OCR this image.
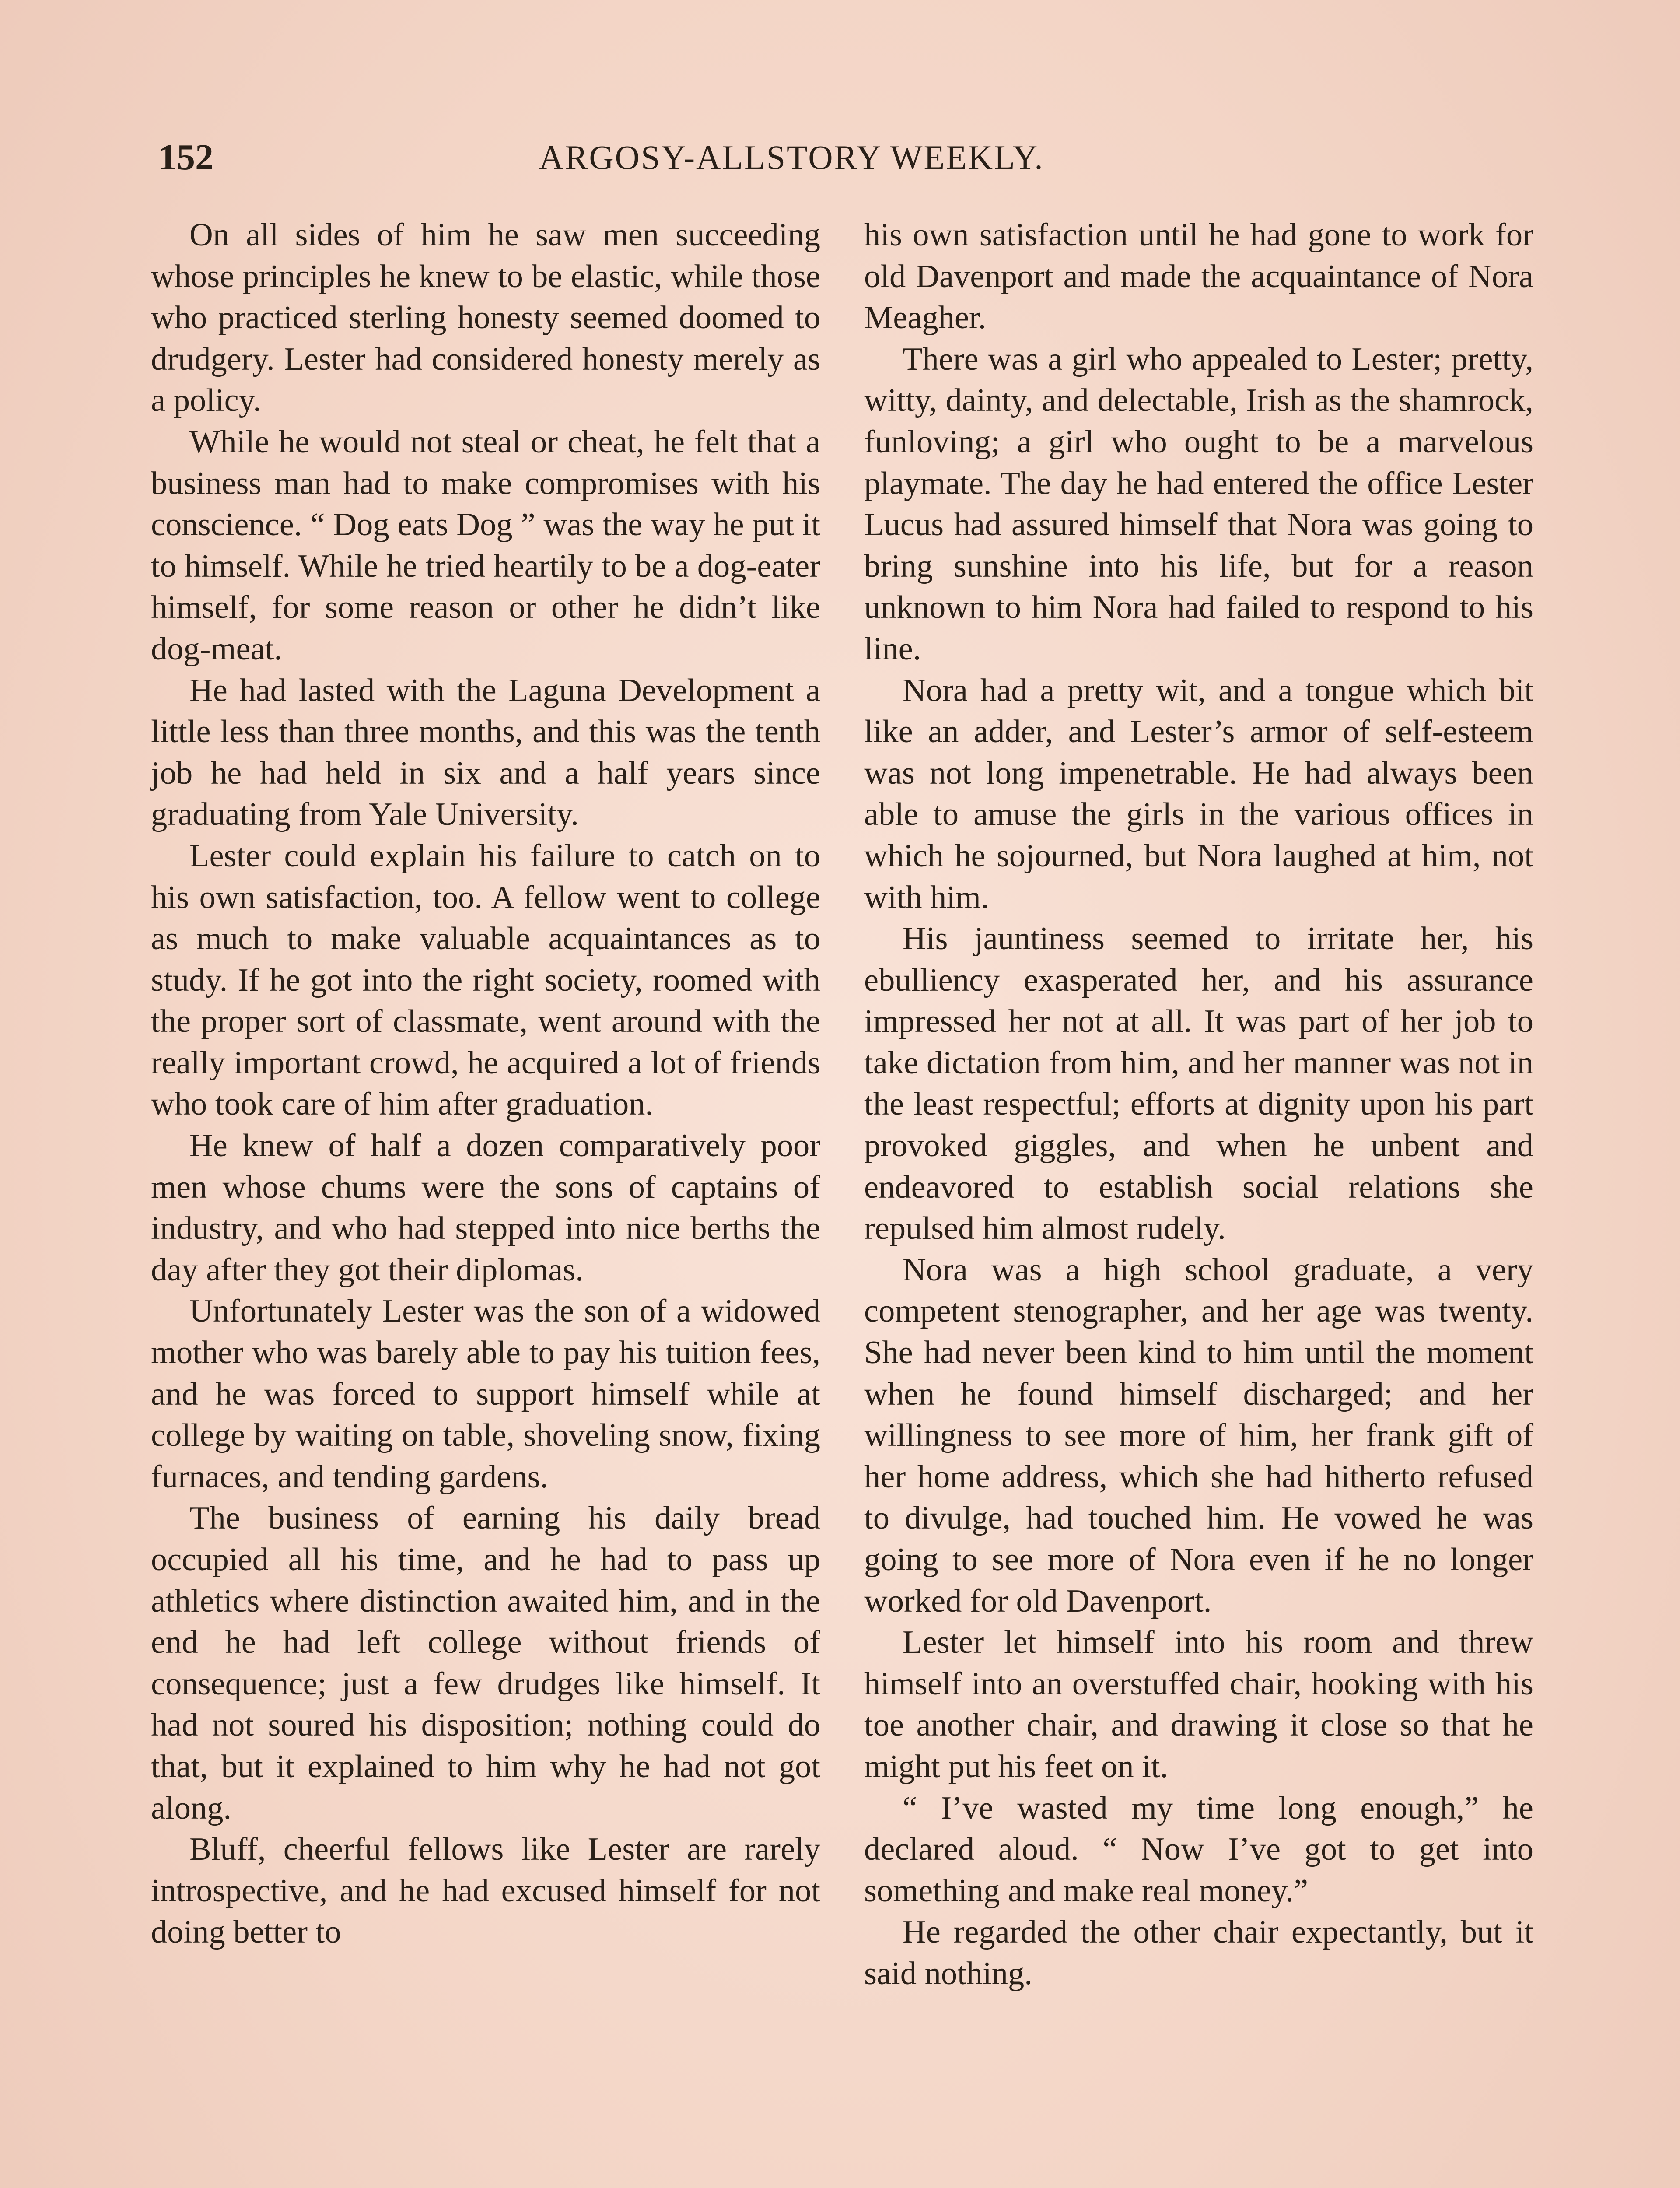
152	ARGOSY-ALLSTORY WEEKLY.

On all sides of him he saw men succeeding whose principles he knew to be elastic, while those who practiced sterling honesty seemed doomed to drudgery. Lester had considered honesty merely as a policy.

While he would not steal or cheat, he felt that a business man had to make compromises with his conscience. “ Dog eats Dog ” was the way he put it to himself. While he tried heartily to be a dog-eater himself, for some reason or other he didn’t like dog-meat.

He had lasted with the Laguna Development a little less than three months, and this was the tenth job he had held in six and a half years since graduating from Yale University.

Lester could explain his failure to catch on to his own satisfaction, too. A fellow went to college as much to make valuable acquaintances as to study. If he got into the right society, roomed with the proper sort of classmate, went around with the really important crowd, he acquired a lot of friends who took care of him after graduation.

He knew of half a dozen comparatively poor men whose chums were the sons of captains of industry, and who had stepped into nice berths the day after they got their diplomas.

Unfortunately Lester was the son of a widowed mother who was barely able to pay his tuition fees, and he was forced to support himself while at college by waiting on table, shoveling snow, fixing furnaces, and tending gardens.

The business of earning his daily bread occupied all his time, and he had to pass up athletics where distinction awaited him, and in the end he had left college without friends of consequence; just a few drudges like himself. It had not soured his disposition; nothing could do that, but it explained to him why he had not got along.

Bluff, cheerful fellows like Lester are rarely introspective, and he had excused himself for not doing better to

his own satisfaction until he had gone to work for old Davenport and made the acquaintance of Nora Meagher.

There was a girl who appealed to Lester; pretty, witty, dainty, and delectable, Irish as the shamrock, funloving; a girl who ought to be a marvelous playmate. The day he had entered the office Lester Lucus had assured himself that Nora was going to bring sunshine into his life, but for a reason unknown to him Nora had failed to respond to his line.

Nora had a pretty wit, and a tongue which bit like an adder, and Lester’s armor of self-esteem was not long impenetrable. He had always been able to amuse the girls in the various offices in which he sojourned, but Nora laughed at him, not with him.

His jauntiness seemed to irritate her, his ebulliency exasperated her, and his assurance impressed her not at all. It was part of her job to take dictation from him, and her manner was not in the least respectful; efforts at dignity upon his part provoked giggles, and when he unbent and endeavored to establish social relations she repulsed him almost rudely.

Nora was a high school graduate, a very competent stenographer, and her age was twenty. She had never been kind to him until the moment when he found himself discharged; and her willingness to see more of him, her frank gift of her home address, which she had hitherto refused to divulge, had touched him. He vowed he was going to see more of Nora even if he no longer worked for old Davenport.

Lester let himself into his room and threw himself into an overstuffed chair, hooking with his toe another chair, and drawing it close so that he might put his feet on it.

“ I’ve wasted my time long enough,” he declared aloud. “ Now I’ve got to get into something and make real money.”

He regarded the other chair expectantly, but it said nothing.
